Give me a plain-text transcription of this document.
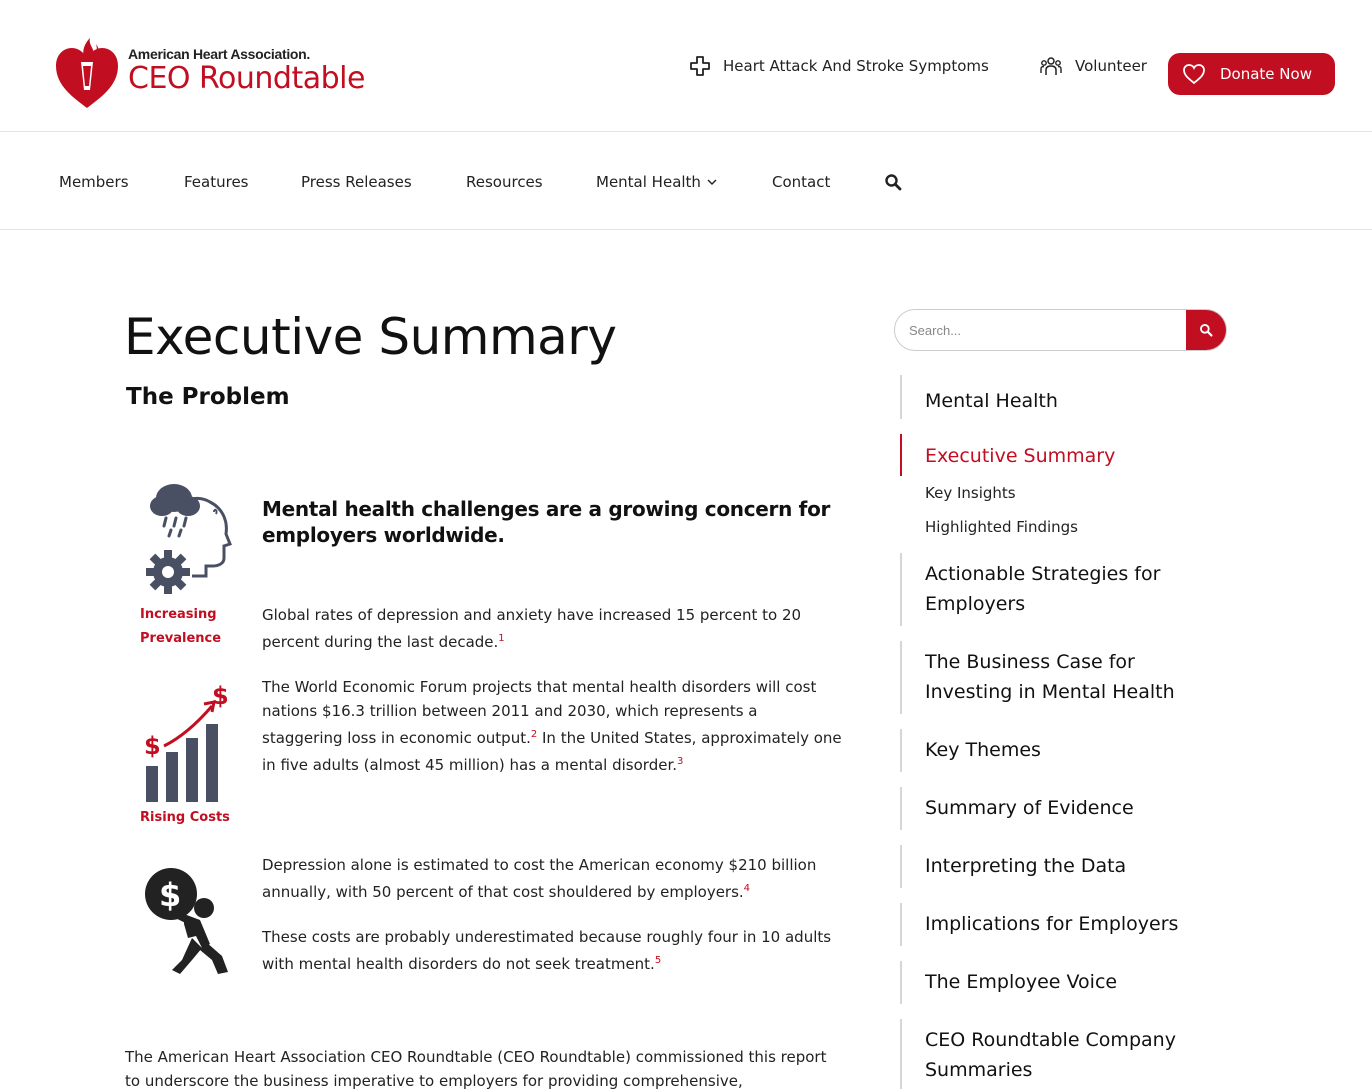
American Heart Association.
CEO Roundtable	Heart Attack And Stroke Symptoms	Volunteer	Donate Now
Members	Features	Press Releases	Resources	Mental Health	Contact
Executive Summary
The Problem
Increasing
Prevalence
Mental health challenges are a growing concern for employers worldwide.

Global rates of depression and anxiety have increased 15 percent to 20 percent during the last decade.$^1$

$
$
Rising Costs

The World Economic Forum projects that mental health disorders will cost nations $16.3 trillion between 2011 and 2030, which represents a staggering loss in economic output.$^2$ In the United States, approximately one in five adults (almost 45 million) has a mental disorder.$^3$

$

Depression alone is estimated to cost the American economy $210 billion annually, with 50 percent of that cost shouldered by employers.$^4$

These costs are probably underestimated because roughly four in 10 adults with mental health disorders do not seek treatment.$^5$

The American Heart Association CEO Roundtable (CEO Roundtable) commissioned this report to underscore the business imperative to employers for providing comprehensive,

Search...
Mental Health
Executive Summary
Key Insights
Highlighted Findings
Actionable Strategies for Employers
The Business Case for Investing in Mental Health
Key Themes
Summary of Evidence
Interpreting the Data
Implications for Employers
The Employee Voice
CEO Roundtable Company Summaries
